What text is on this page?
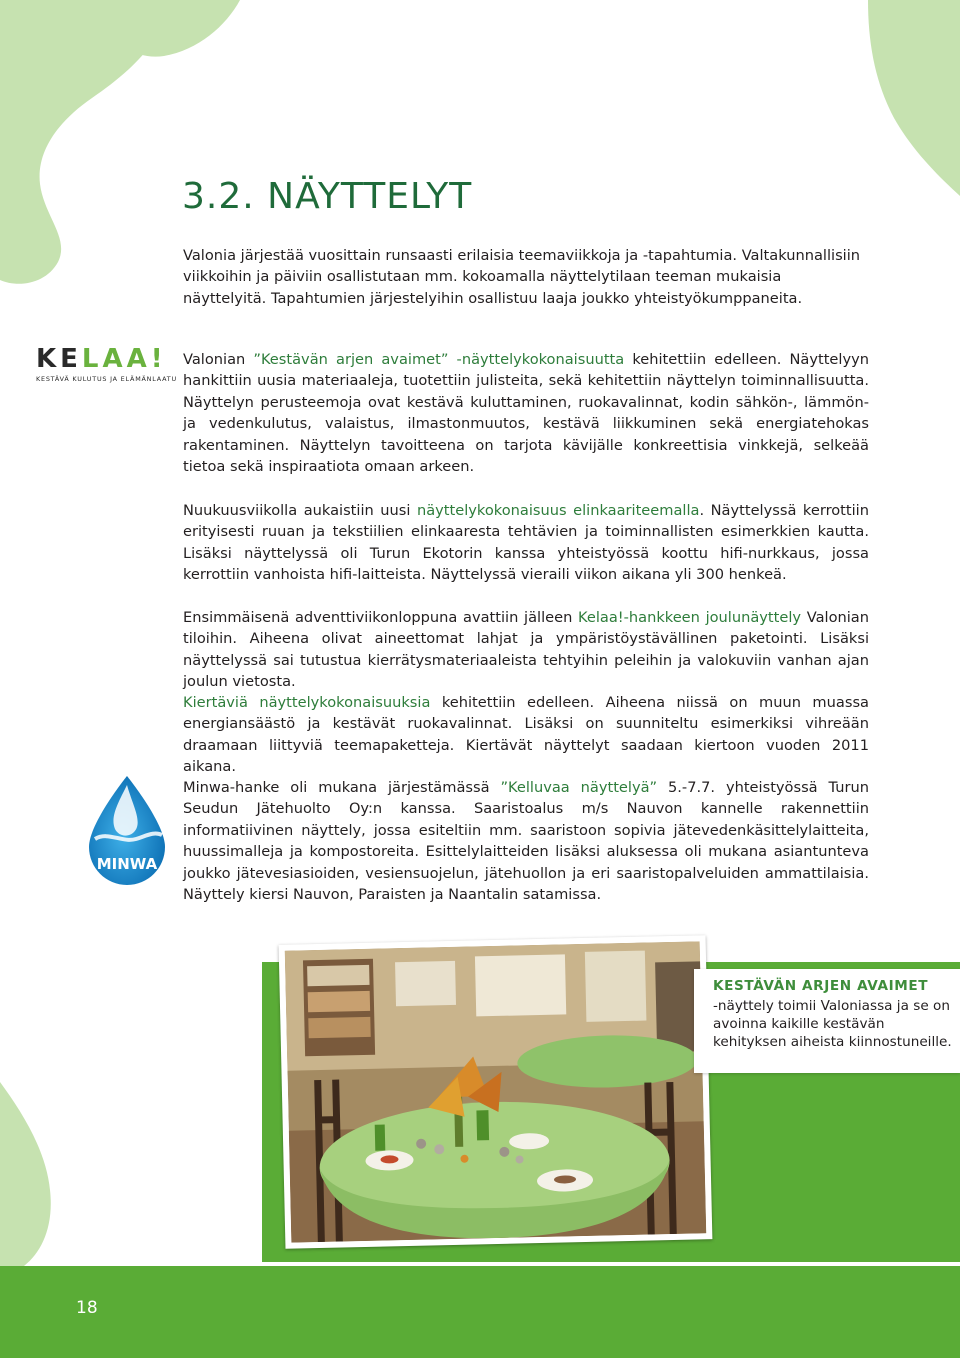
3.2. NÄYTTELYT

Valonia järjestää vuosittain runsaasti erilaisia teemaviikkoja ja -tapahtumia. Valtakunnallisiin viikkoihin ja päiviin osallistutaan mm. kokoamalla näyttelytilaan teeman mukaisia näyttelyitä. Tapahtumien järjestelyihin osallistuu laaja joukko yhteistyökumppaneita.

KELAA!
KESTÄVÄ KULUTUS JA ELÄMÄNLAATU

Valonian ”Kestävän arjen avaimet” -näyttelykokonaisuutta kehitettiin edelleen. Näyttelyyn hankittiin uusia materiaaleja, tuotettiin julisteita, sekä kehitettiin näyttelyn toiminnallisuutta. Näyttelyn perusteemoja ovat kestävä kuluttaminen, ruokavalinnat, kodin sähkön-, lämmön- ja vedenkulutus, valaistus, ilmastonmuutos, kestävä liikkuminen sekä energiatehokas rakentaminen. Näyttelyn tavoitteena on tarjota kävijälle konkreettisia vinkkejä, selkeää tietoa sekä inspiraatiota omaan arkeen.

Nuukuusviikolla aukaistiin uusi näyttelykokonaisuus elinkaariteemalla. Näyttelyssä kerrottiin erityisesti ruuan ja tekstiilien elinkaaresta tehtävien ja toiminnallisten esimerkkien kautta. Lisäksi näyttelyssä oli Turun Ekotorin kanssa yhteistyössä koottu hifi-nurkkaus, jossa kerrottiin vanhoista hifi-laitteista. Näyttelyssä vieraili viikon aikana yli 300 henkeä.

Ensimmäisenä adventtiviikonloppuna avattiin jälleen Kelaa!-hankkeen joulunäyttely Valonian tiloihin. Aiheena olivat aineettomat lahjat ja ympäristöystävällinen paketointi. Lisäksi näyttelyssä sai tutustua kierrätysmateriaaleista tehtyihin peleihin ja valokuviin vanhan ajan joulun vietosta.

Kiertäviä näyttelykokonaisuuksia kehitettiin edelleen. Aiheena niissä on muun muassa energiansäästö ja kestävät ruokavalinnat. Lisäksi on suunniteltu esimerkiksi vihreään draamaan liittyviä teemapaketteja. Kiertävät näyttelyt saadaan kiertoon vuoden 2011 aikana.

MINWA

Minwa-hanke oli mukana järjestämässä ”Kelluvaa näyttelyä” 5.-7.7. yhteistyössä Turun Seudun Jätehuolto Oy:n kanssa. Saaristoalus m/s Nauvon kannelle rakennettiin informatiivinen näyttely, jossa esiteltiin mm. saaristoon sopivia jätevedenkäsittelylaitteita, huussimalleja ja kompostoreita. Esittelylaitteiden lisäksi aluksessa oli mukana asiantunteva joukko jätevesiasioiden, vesiensuojelun, jätehuollon ja eri saaristopalveluiden ammattilaisia. Näyttely kiersi Nauvon, Paraisten ja Naantalin satamissa.

KESTÄVÄN ARJEN AVAIMET

-näyttely toimii Valoniassa ja se on avoinna kaikille kestävän kehityksen aiheista kiinnostuneille.

18
